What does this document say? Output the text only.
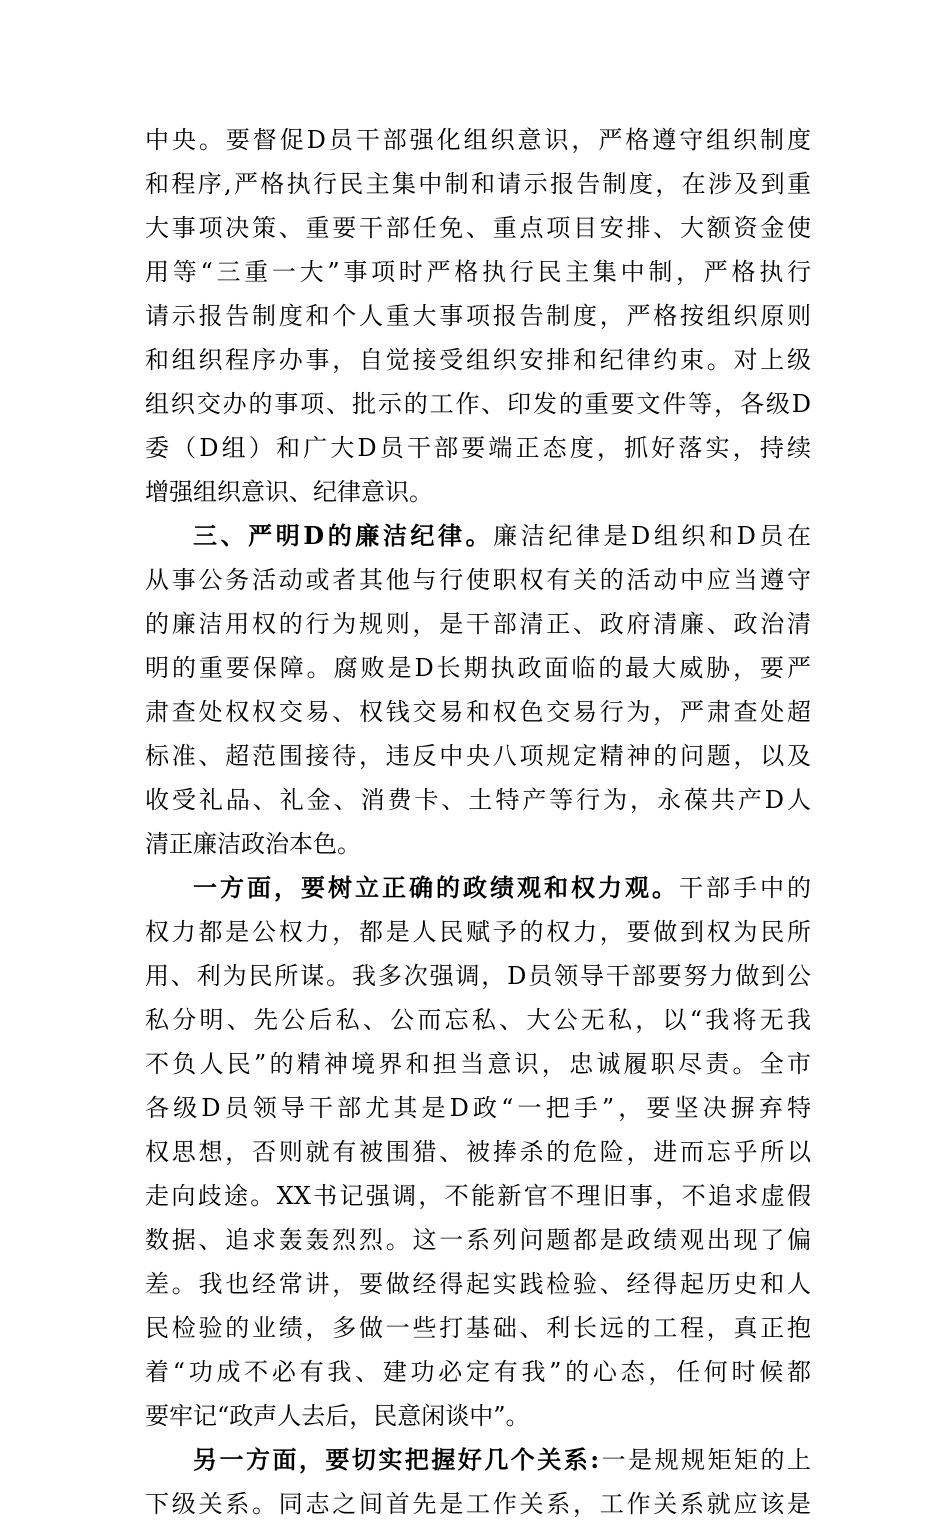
中央。要督促D员干部强化组织意识，严格遵守组织制度
和程序,严格执行民主集中制和请示报告制度，在涉及到重
大事项决策、重要干部任免、重点项目安排、大额资金使
用等“三重一大”事项时严格执行民主集中制，严格执行
请示报告制度和个人重大事项报告制度，严格按组织原则
和组织程序办事，自觉接受组织安排和纪律约束。对上级
组织交办的事项、批示的工作、印发的重要文件等，各级D
委（D组）和广大D员干部要端正态度，抓好落实，持续
增强组织意识、纪律意识。
三、严明D的廉洁纪律。廉洁纪律是D组织和D员在
从事公务活动或者其他与行使职权有关的活动中应当遵守
的廉洁用权的行为规则，是干部清正、政府清廉、政治清
明的重要保障。腐败是D长期执政面临的最大威胁，要严
肃查处权权交易、权钱交易和权色交易行为，严肃查处超
标准、超范围接待，违反中央八项规定精神的问题，以及
收受礼品、礼金、消费卡、土特产等行为，永葆共产D人
清正廉洁政治本色。
一方面，要树立正确的政绩观和权力观。干部手中的
权力都是公权力，都是人民赋予的权力，要做到权为民所
用、利为民所谋。我多次强调，D员领导干部要努力做到公
私分明、先公后私、公而忘私、大公无私，以“我将无我
不负人民”的精神境界和担当意识，忠诚履职尽责。全市
各级D员领导干部尤其是D政“一把手”，要坚决摒弃特
权思想，否则就有被围猎、被捧杀的危险，进而忘乎所以
走向歧途。XX书记强调，不能新官不理旧事，不追求虚假
数据、追求轰轰烈烈。这一系列问题都是政绩观出现了偏
差。我也经常讲，要做经得起实践检验、经得起历史和人
民检验的业绩，多做一些打基础、利长远的工程，真正抱
着“功成不必有我、建功必定有我”的心态，任何时候都
要牢记“政声人去后，民意闲谈中”。
另一方面，要切实把握好几个关系:一是规规矩矩的上
下级关系。同志之间首先是工作关系，工作关系就应该是
